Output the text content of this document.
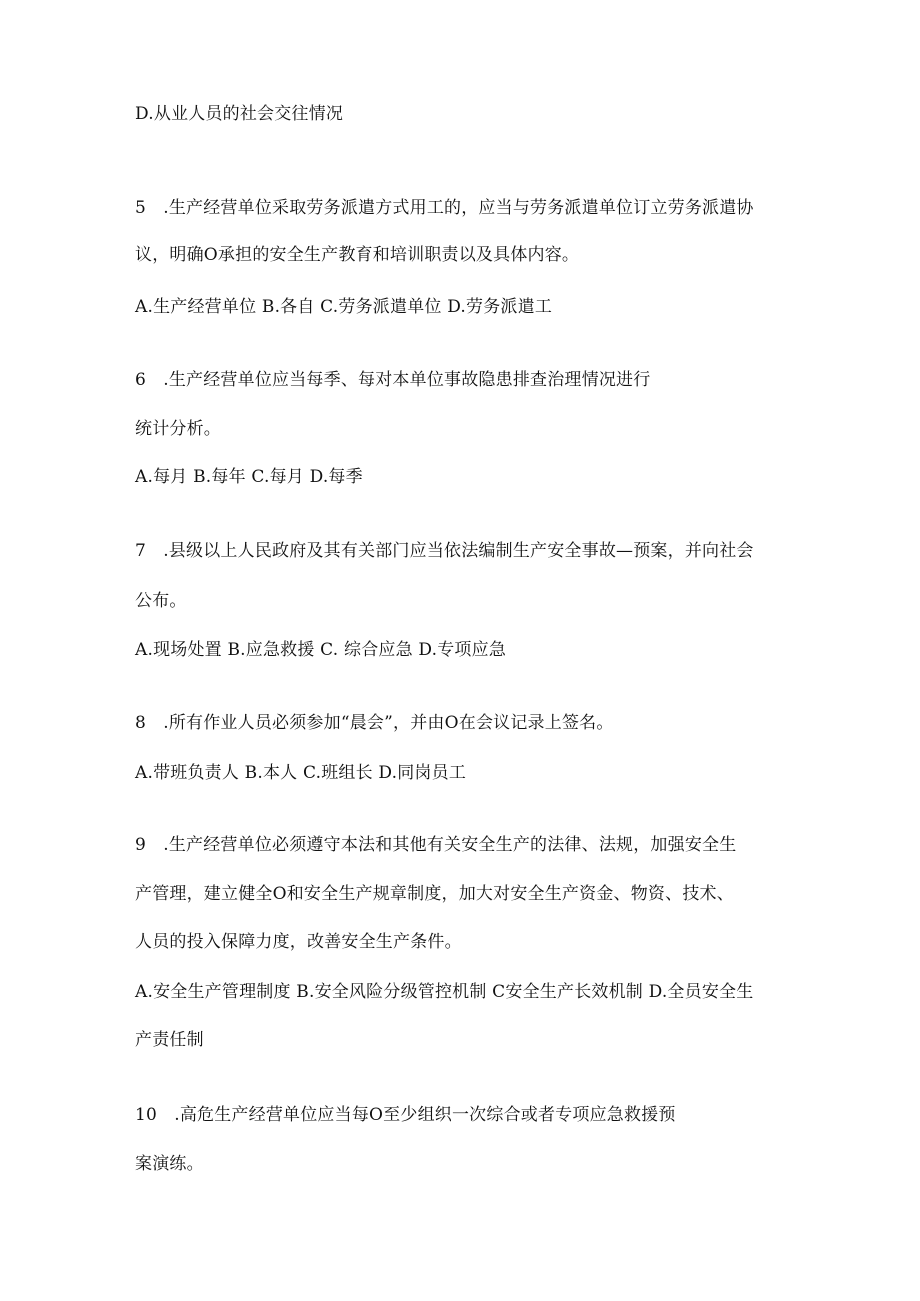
D.从业人员的社会交往情况
5　.生产经营单位采取劳务派遣方式用工的，应当与劳务派遣单位订立劳务派遣协
议，明确O承担的安全生产教育和培训职责以及具体内容。
A.生产经营单位 B.各自 C.劳务派遣单位 D.劳务派遣工
6　.生产经营单位应当每季、每对本单位事故隐患排查治理情况进行
统计分析。
A.每月 B.每年 C.每月 D.每季
7　.县级以上人民政府及其有关部门应当依法编制生产安全事故—预案，并向社会
公布。
A.现场处置 B.应急救援 C. 综合应急 D.专项应急
8　.所有作业人员必须参加“晨会”，并由O在会议记录上签名。
A.带班负责人 B.本人 C.班组长 D.同岗员工
9　.生产经营单位必须遵守本法和其他有关安全生产的法律、法规，加强安全生
产管理，建立健全O和安全生产规章制度，加大对安全生产资金、物资、技术、
人员的投入保障力度，改善安全生产条件。
A.安全生产管理制度 B.安全风险分级管控机制 C安全生产长效机制 D.全员安全生
产责任制
10　.高危生产经营单位应当每O至少组织一次综合或者专项应急救援预
案演练。
